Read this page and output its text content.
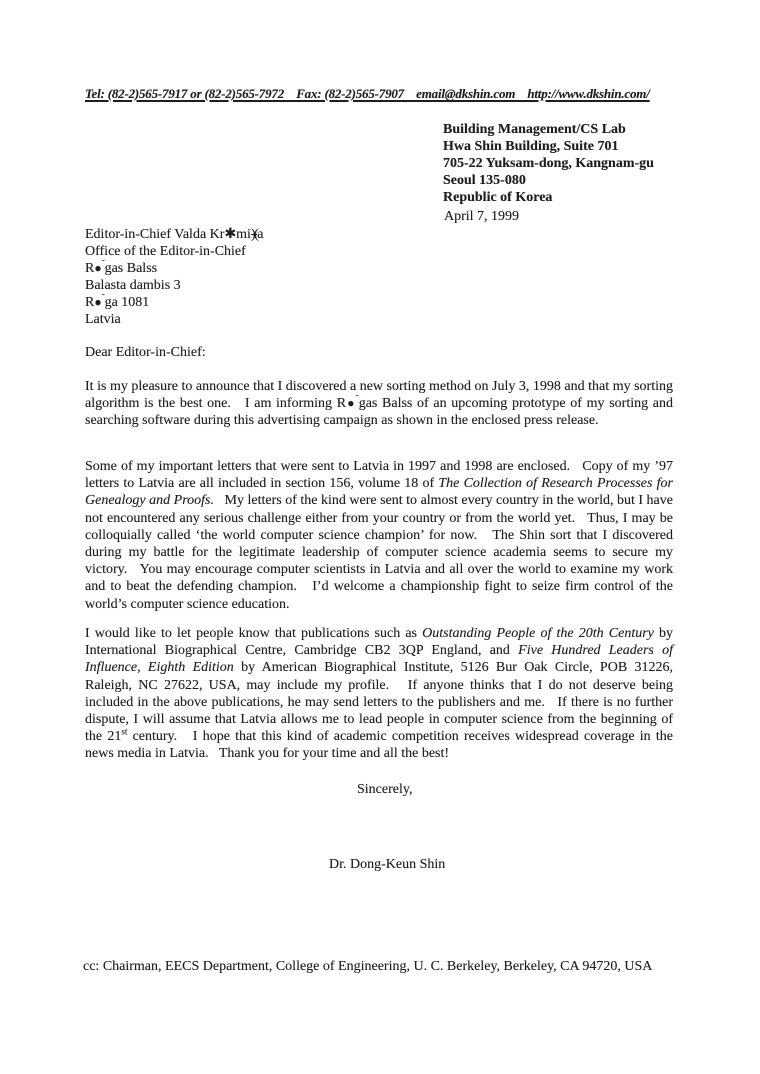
Tel: (82-2)565-7917 or (82-2)565-7972    Fax: (82-2)565-7907    email@dkshin.com    http://www.dkshin.com/
Building Management/CS Lab
Hwa Shin Building, Suite 701
705-22 Yuksam-dong, Kangnam-gu
Seoul 135-080
Republic of Korea
April 7, 1999
Editor-in-Chief Valda Kr✱mi)(a
Office of the Editor-in-Chief
R●˜gas Balss
Balasta dambis 3
R●˜ga 1081
Latvia
Dear Editor-in-Chief:

It is my pleasure to announce that I discovered a new sorting method on July 3, 1998 and that my sorting algorithm is the best one.   I am informing R●˜gas Balss of an upcoming prototype of my sorting and searching software during this advertising campaign as shown in the enclosed press release.

Some of my important letters that were sent to Latvia in 1997 and 1998 are enclosed.   Copy of my ’97 letters to Latvia are all included in section 156, volume 18 of The Collection of Research Processes for Genealogy and Proofs.   My letters of the kind were sent to almost every country in the world, but I have not encountered any serious challenge either from your country or from the world yet.   Thus, I may be colloquially called ‘the world computer science champion’ for now.   The Shin sort that I discovered during my battle for the legitimate leadership of computer science academia seems to secure my victory.   You may encourage computer scientists in Latvia and all over the world to examine my work and to beat the defending champion.   I’d welcome a championship fight to seize firm control of the world’s computer science education.

I would like to let people know that publications such as Outstanding People of the 20th Century by International Biographical Centre, Cambridge CB2 3QP England, and Five Hundred Leaders of Influence, Eighth Edition by American Biographical Institute, 5126 Bur Oak Circle, POB 31226, Raleigh, NC 27622, USA, may include my profile.   If anyone thinks that I do not deserve being included in the above publications, he may send letters to the publishers and me.   If there is no further dispute, I will assume that Latvia allows me to lead people in computer science from the beginning of the 21st century.   I hope that this kind of academic competition receives widespread coverage in the news media in Latvia.   Thank you for your time and all the best!

Sincerely,
Dr. Dong-Keun Shin
cc: Chairman, EECS Department, College of Engineering, U. C. Berkeley, Berkeley, CA 94720, USA
